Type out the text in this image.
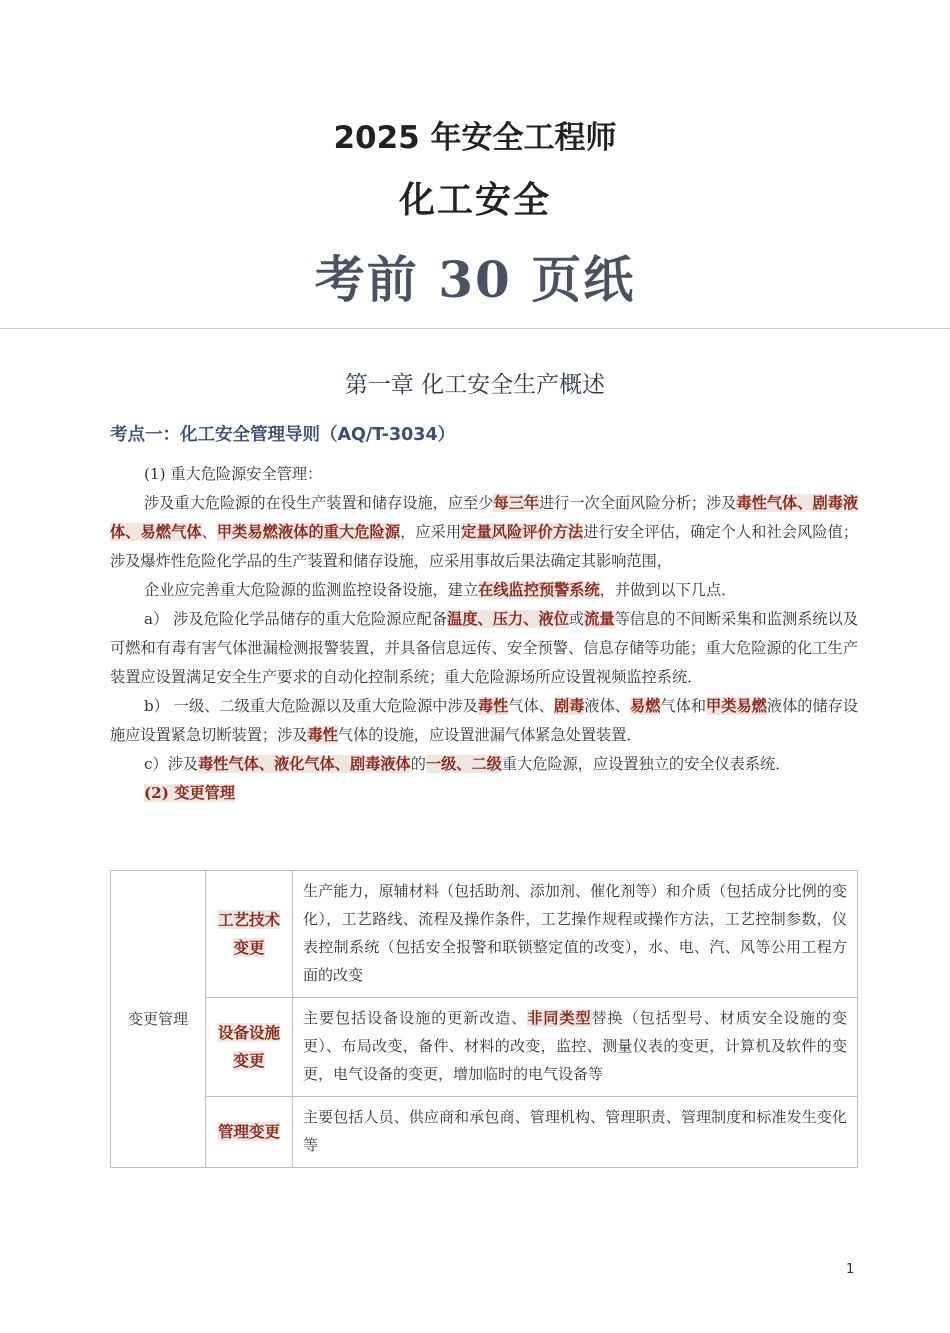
2025 年安全工程师
化工安全
考前 30 页纸
第一章 化工安全生产概述
考点一：化工安全管理导则（AQ/T-3034）

(1) 重大危险源安全管理：

涉及重大危险源的在役生产装置和储存设施，应至少每三年进行一次全面风险分析；涉及毒性气体、剧毒液体、易燃气体、甲类易燃液体的重大危险源，应采用定量风险评价方法进行安全评估，确定个人和社会风险值；涉及爆炸性危险化学品的生产装置和储存设施，应采用事故后果法确定其影响范围，

企业应完善重大危险源的监测监控设备设施，建立在线监控预警系统，并做到以下几点．

a） 涉及危险化学品储存的重大危险源应配备温度、压力、液位或流量等信息的不间断采集和监测系统以及可燃和有毒有害气体泄漏检测报警装置，并具备信息远传、安全预警、信息存储等功能；重大危险源的化工生产装置应设置满足安全生产要求的自动化控制系统；重大危险源场所应设置视频监控系统．

b） 一级、二级重大危险源以及重大危险源中涉及毒性气体、剧毒液体、易燃气体和甲类易燃液体的储存设施应设置紧急切断装置；涉及毒性气体的设施，应设置泄漏气体紧急处置装置．

c）涉及毒性气体、液化气体、剧毒液体的一级、二级重大危险源，应设置独立的安全仪表系统．

(2) 变更管理
变更管理	工艺技术变更	生产能力，原辅材料（包括助剂、添加剂、催化剂等）和介质（包括成分比例的变化），工艺路线、流程及操作条件，工艺操作规程或操作方法，工艺控制参数，仪表控制系统（包括安全报警和联锁整定值的改变），水、电、汽、风等公用工程方面的改变
	设备设施变更	主要包括设备设施的更新改造、非同类型替换（包括型号、材质安全设施的变更）、布局改变，备件、材料的改变，监控、测量仪表的变更，计算机及软件的变更，电气设备的变更，增加临时的电气设备等
	管理变更	主要包括人员、供应商和承包商、管理机构、管理职责、管理制度和标准发生变化等
1
